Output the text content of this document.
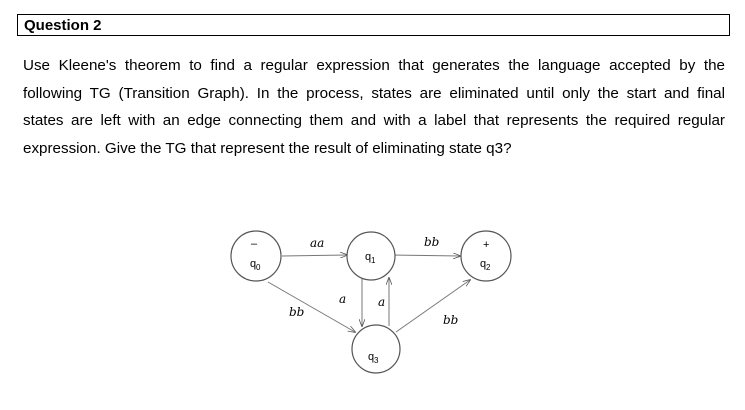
Question 2
Use Kleene's theorem to find a regular expression that generates the language accepted by the
following TG (Transition Graph). In the process, states are eliminated until only the start and final
states are left with an edge connecting them and with a label that represents the required regular
expression. Give the TG that represent the result of eliminating state q3?
–
q 0
q 1
+
q 2
q 3
aa	bb
bb
a	a
bb
